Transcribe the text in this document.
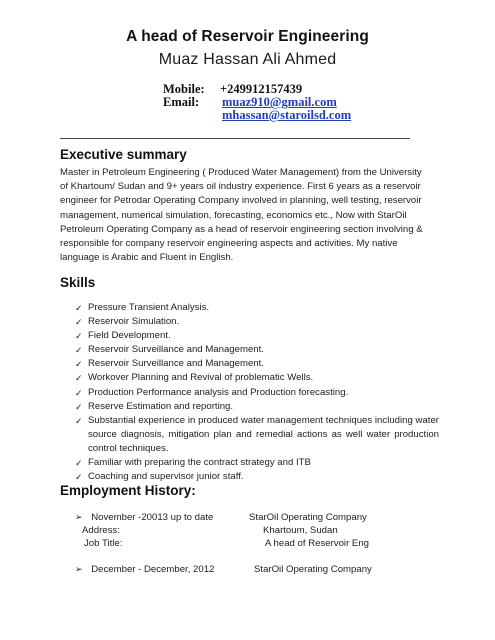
A head of Reservoir Engineering
Muaz Hassan Ali Ahmed
Mobile: +249912157439
Email: muaz910@gmail.com
mhassan@staroilsd.com
Executive summary
Master in Petroleum Engineering ( Produced Water Management) from the University
of Khartoum/ Sudan and 9+ years oil industry experience. First 6 years as a reservoir
engineer for Petrodar Operating Company involved in planning, well testing, reservoir
management, numerical simulation, forecasting, economics etc., Now with StarOil
Petroleum Operating Company as a head of reservoir engineering section involving &
responsible for company reservoir engineering aspects and activities. My native
language is Arabic and Fluent in English.
Skills
✓ Pressure Transient Analysis.
✓ Reservoir Simulation.
✓ Field Development.
✓ Reservoir Surveillance and Management.
✓ Reservoir Surveillance and Management.
✓ Workover Planning and Revival of problematic Wells.
✓ Production Performance analysis and Production forecasting.
✓ Reserve Estimation and reporting.
✓ Substantial experience in produced water management techniques including water source diagnosis, mitigation plan and remedial actions as well water production control techniques.
✓ Familiar with preparing the contract strategy and ITB
✓ Coaching and supervisor junior staff.
Employment History:
➢ November -20013 up to date	StarOil Operating Company
Address:	Khartoum, Sudan
Job Title:	A head of Reservoir Eng
➢ December - December, 2012	StarOil Operating Company
